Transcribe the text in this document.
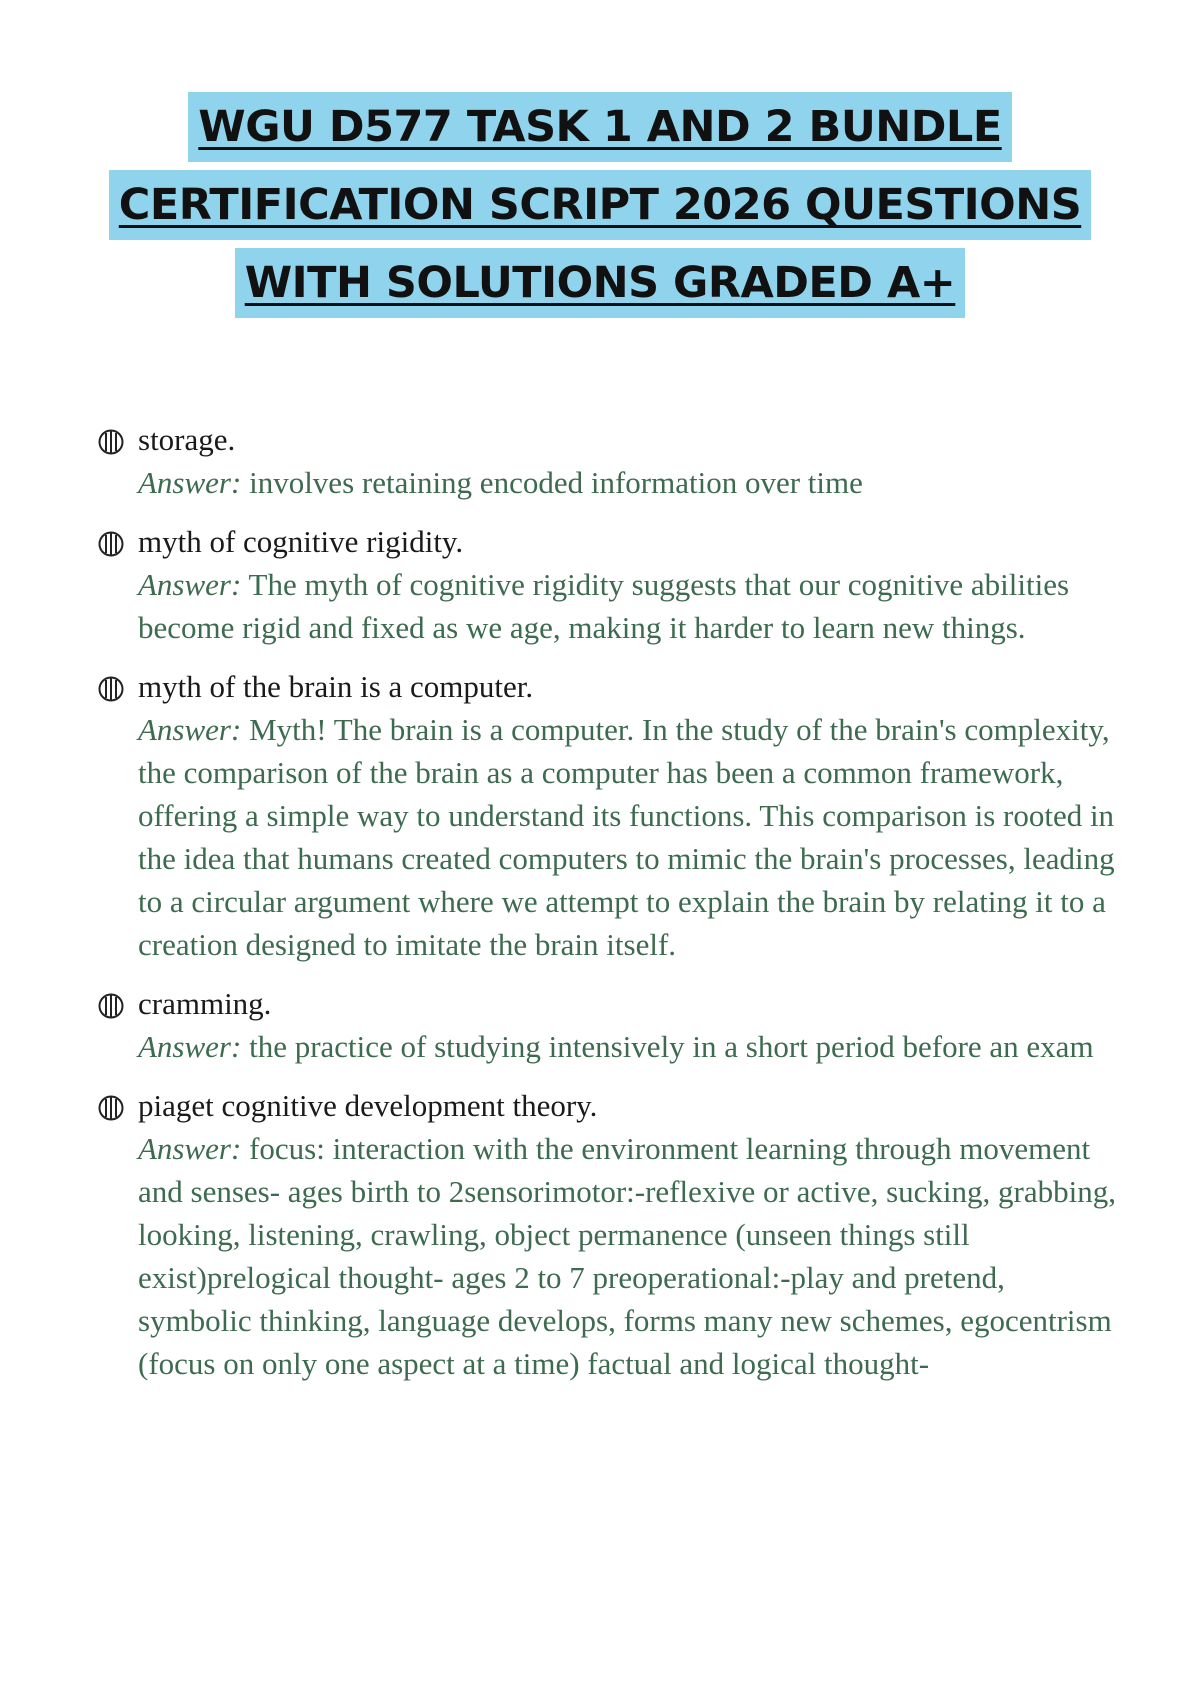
WGU D577 TASK 1 AND 2 BUNDLE
CERTIFICATION SCRIPT 2026 QUESTIONS
WITH SOLUTIONS GRADED A+
storage.
Answer: involves retaining encoded information over time
myth of cognitive rigidity.
Answer: The myth of cognitive rigidity suggests that our cognitive abilities become rigid and fixed as we age, making it harder to learn new things.
myth of the brain is a computer.
Answer: Myth! The brain is a computer. In the study of the brain's complexity, the comparison of the brain as a computer has been a common framework, offering a simple way to understand its functions. This comparison is rooted in the idea that humans created computers to mimic the brain's processes, leading to a circular argument where we attempt to explain the brain by relating it to a creation designed to imitate the brain itself.
cramming.
Answer: the practice of studying intensively in a short period before an exam
piaget cognitive development theory.
Answer: focus: interaction with the environment learning through movement and senses- ages birth to 2sensorimotor:-reflexive or active, sucking, grabbing, looking, listening, crawling, object permanence (unseen things still exist)prelogical thought- ages 2 to 7 preoperational:-play and pretend, symbolic thinking, language develops, forms many new schemes, egocentrism (focus on only one aspect at a time) factual and logical thought-
